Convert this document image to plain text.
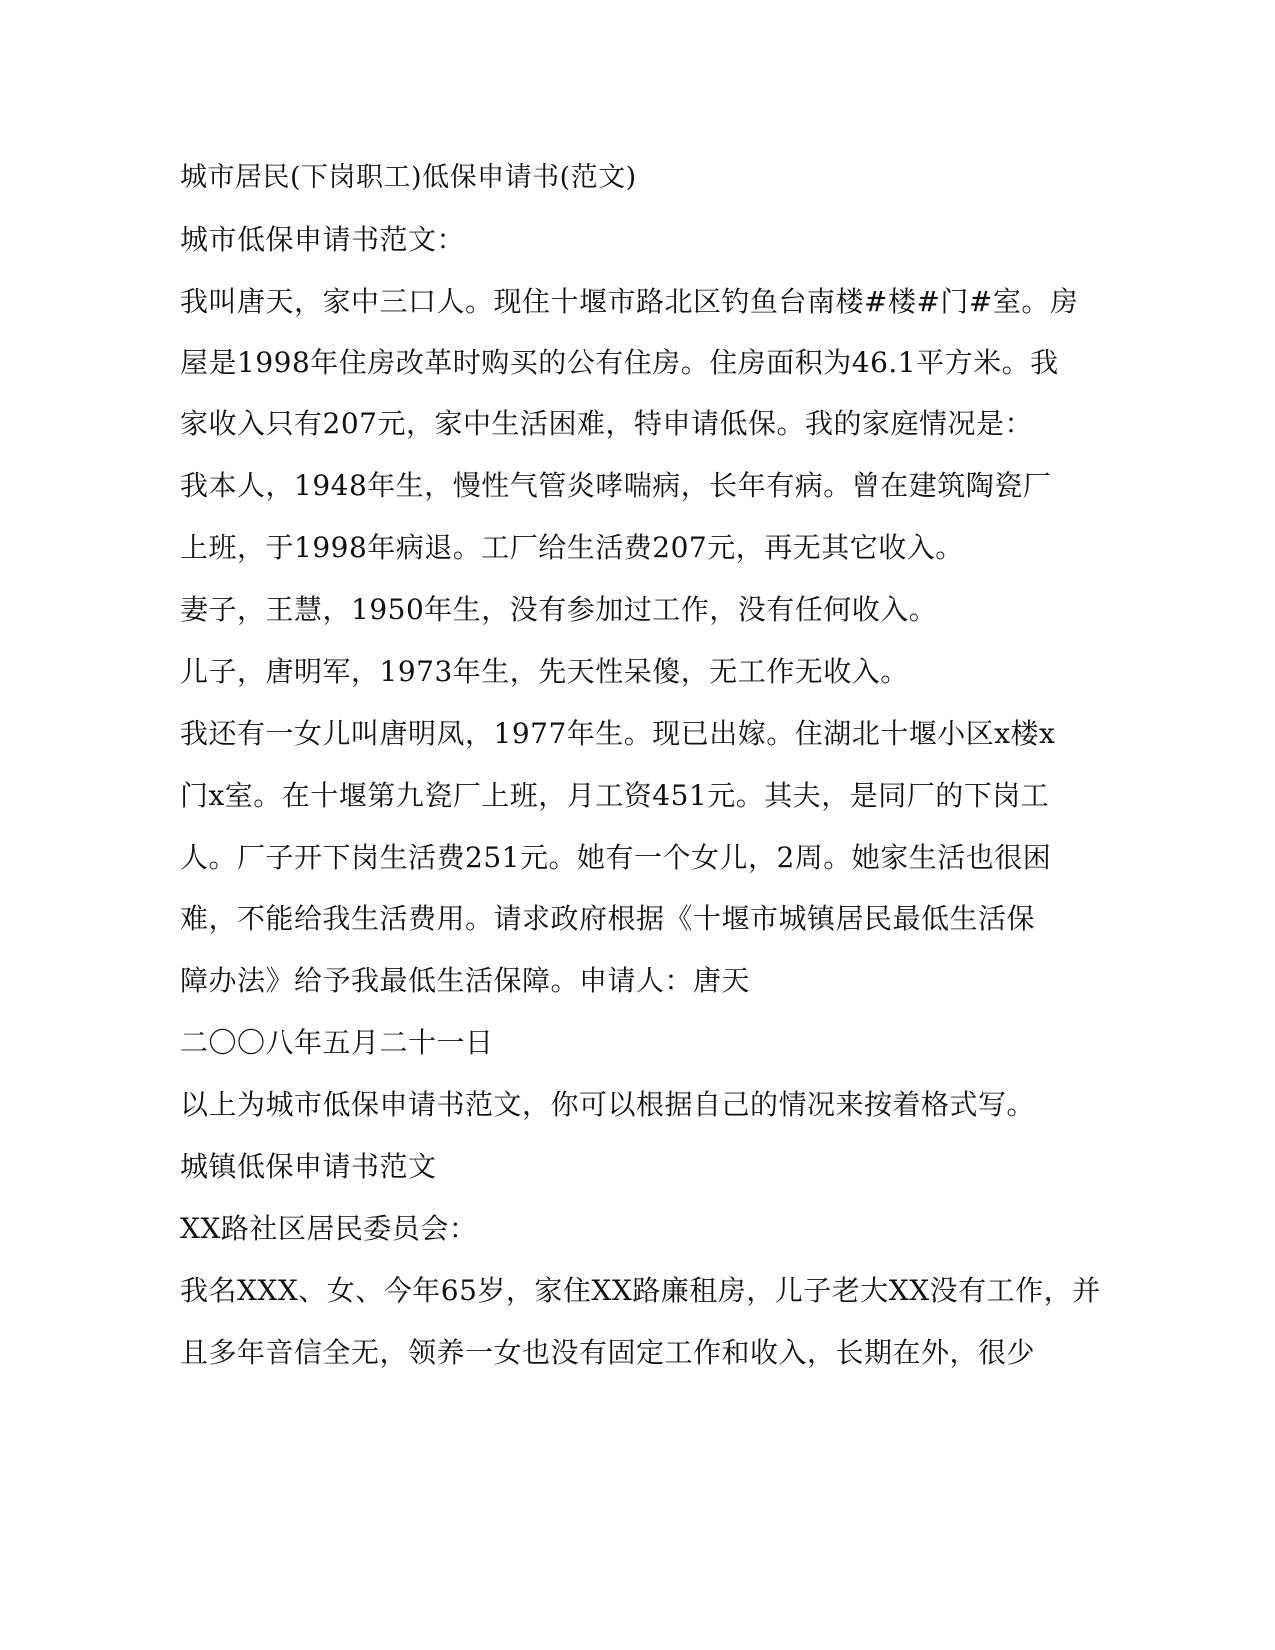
城市居民(下岗职工)低保申请书(范文)
城市低保申请书范文：
我叫唐天，家中三口人。现住十堰市路北区钓鱼台南楼#楼#门#室。房
屋是1998年住房改革时购买的公有住房。住房面积为46.1平方米。我
家收入只有207元，家中生活困难，特申请低保。我的家庭情况是：
我本人，1948年生，慢性气管炎哮喘病，长年有病。曾在建筑陶瓷厂
上班，于1998年病退。工厂给生活费207元，再无其它收入。
妻子，王慧，1950年生，没有参加过工作，没有任何收入。
儿子，唐明军，1973年生，先天性呆傻，无工作无收入。
我还有一女儿叫唐明凤，1977年生。现已出嫁。住湖北十堰小区x楼x
门x室。在十堰第九瓷厂上班，月工资451元。其夫，是同厂的下岗工
人。厂子开下岗生活费251元。她有一个女儿，2周。她家生活也很困
难，不能给我生活费用。请求政府根据《十堰市城镇居民最低生活保
障办法》给予我最低生活保障。申请人：唐天
二〇〇八年五月二十一日
以上为城市低保申请书范文，你可以根据自己的情况来按着格式写。
城镇低保申请书范文
XX路社区居民委员会：
我名XXX、女、今年65岁，家住XX路廉租房，儿子老大XX没有工作，并
且多年音信全无，领养一女也没有固定工作和收入，长期在外，很少
